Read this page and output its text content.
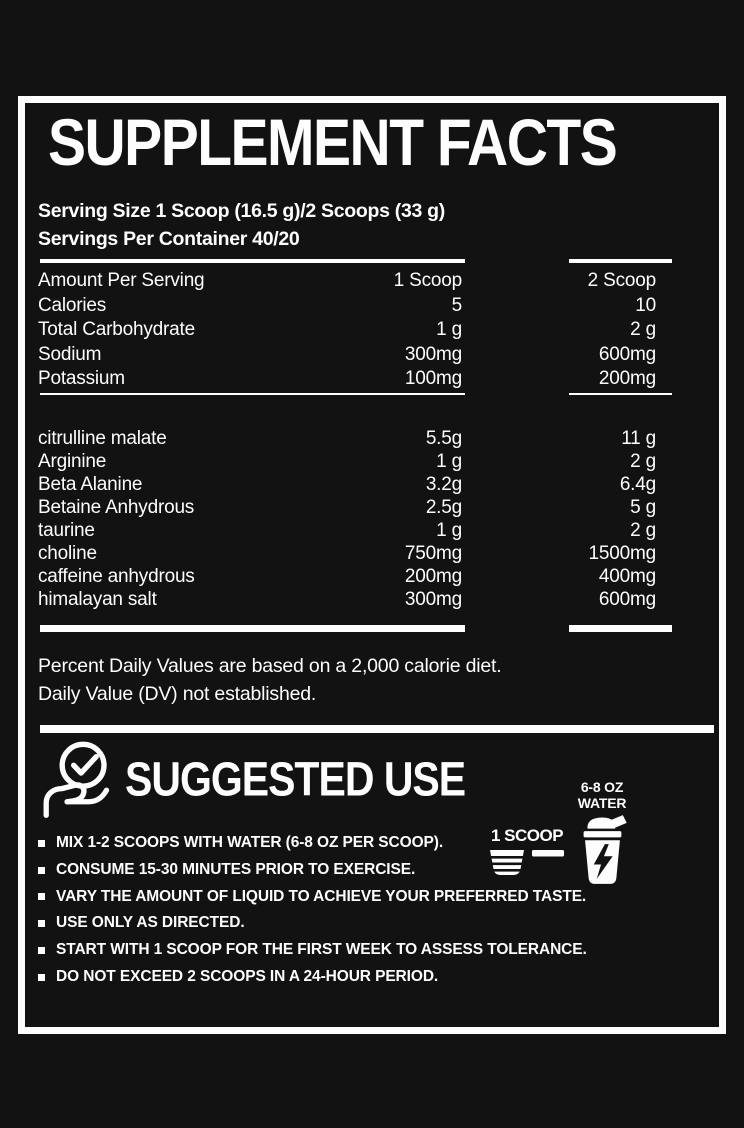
SUPPLEMENT FACTS
Serving Size 1 Scoop (16.5 g)/2 Scoops (33 g)
Servings Per Container 40/20
Amount Per Serving	1 Scoop	2 Scoop
Calories	5	10
Total Carbohydrate	1 g	2 g
Sodium	300mg	600mg
Potassium	100mg	200mg
citrulline malate	5.5g	11 g
Arginine	1 g	2 g
Beta Alanine	3.2g	6.4g
Betaine Anhydrous	2.5g	5 g
taurine	1 g	2 g
choline	750mg	1500mg
caffeine anhydrous	200mg	400mg
himalayan salt	300mg	600mg
Percent Daily Values are based on a 2,000 calorie diet.
Daily Value (DV) not established.
SUGGESTED USE
MIX 1-2 SCOOPS WITH WATER (6-8 OZ PER SCOOP).
CONSUME 15-30 MINUTES PRIOR TO EXERCISE.
VARY THE AMOUNT OF LIQUID TO ACHIEVE YOUR PREFERRED TASTE.
USE ONLY AS DIRECTED.
START WITH 1 SCOOP FOR THE FIRST WEEK TO ASSESS TOLERANCE.
DO NOT EXCEED 2 SCOOPS IN A 24-HOUR PERIOD.
1 SCOOP
6-8 OZ
WATER
